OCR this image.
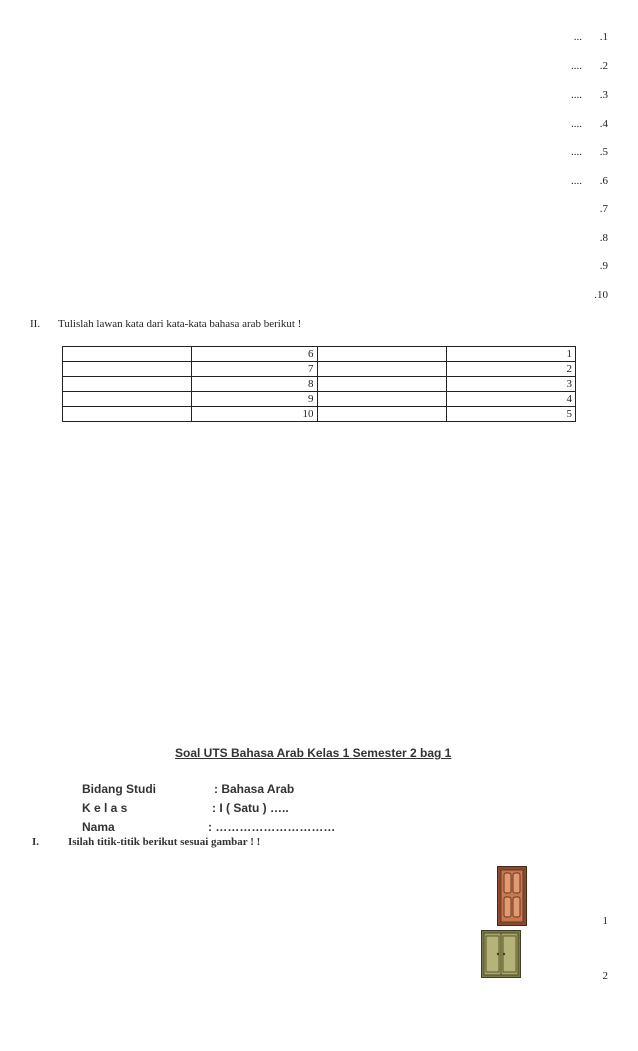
... .1
.... .2
.... .3
.... .4
.... .5
.... .6
.7
.8
.9
.10
II. Tulislah lawan kata dari kata-kata bahasa arab berikut !
	6		1
	7		2
	8		3
	9		4
	10		5
Soal UTS Bahasa Arab Kelas 1 Semester 2 bag 1
Bidang Studi	: Bahasa Arab
K e l a s	: I ( Satu ) …..
Nama	: …………………………
I.	Isilah titik-titik berikut sesuai gambar ! !
1
2
